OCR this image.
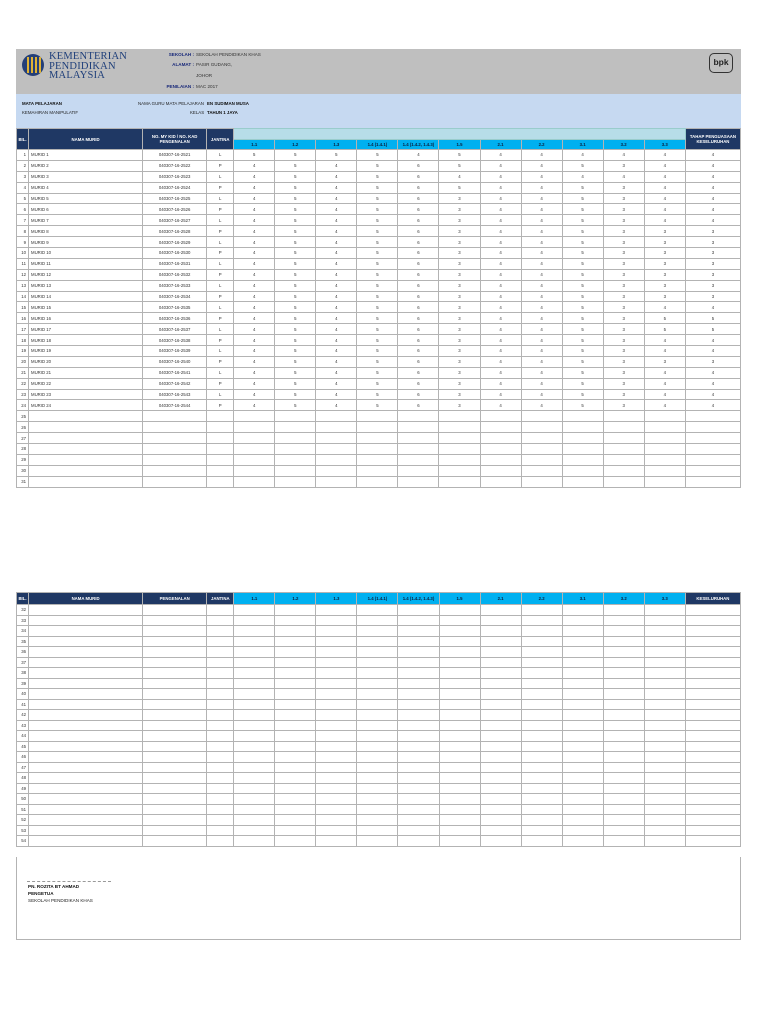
KEMENTERIAN
PENDIDIKAN
MALAYSIA
SEKOLAH : SEKOLAH PENDIDIKAN KHAS
ALAMAT : PASIR GUDANG,
JOHOR
PENILAIAN : MAC 2017
bpk
MATA PELAJARAN
KEMAHIRAN MANIPULATIF
NAMA GURU MATA PELAJARAN EN SUDIMAN MUSA
KELAS TAHUN 1 JAYA
BIL.	NAMA MURID	NO. MY KID / NO. KAD PENGENALAN	JANTINA												TAHAP PENGUASAAN KESELURUHAN
				1.1	1.2	1.3	1.4 (1.4.1)	1.4 (1.4.2, 1.4.3)	1.5	2.1	2.2	3.1	3.2	3.3	
1	MURID 1	040307-16-2521	L	5	5	5	5	4	5	4	4	4	4	4	4
2	MURID 2	040307-16-2522	P	4	5	4	5	6	5	4	4	5	3	4	4
3	MURID 3	040307-16-2523	L	4	5	4	5	6	4	4	4	4	4	4	4
4	MURID 4	040307-16-2524	P	4	5	4	5	6	5	4	4	5	3	4	4
5	MURID 5	040307-16-2525	L	4	5	4	5	6	3	4	4	5	3	4	4
6	MURID 6	040307-16-2526	P	4	5	4	5	6	3	4	4	5	3	4	4
7	MURID 7	040307-16-2527	L	4	5	4	5	6	3	4	4	5	3	4	4
8	MURID 8	040307-16-2528	P	4	5	4	5	6	3	4	4	5	3	3	3
9	MURID 9	040307-16-2529	L	4	5	4	5	6	3	4	4	5	3	3	3
10	MURID 10	040307-16-2530	P	4	5	4	5	6	3	4	4	5	3	3	3
11	MURID 11	040307-16-2531	L	4	5	4	5	6	3	4	4	5	3	3	3
12	MURID 12	040307-16-2532	P	4	5	4	5	6	3	4	4	5	3	3	3
13	MURID 13	040307-16-2533	L	4	5	4	5	6	3	4	4	5	3	3	3
14	MURID 14	040307-16-2534	P	4	5	4	5	6	3	4	4	5	3	3	3
15	MURID 15	040307-16-2535	L	4	5	4	5	6	3	4	4	5	3	4	4
16	MURID 16	040307-16-2536	P	4	5	4	5	6	3	4	4	5	3	5	5
17	MURID 17	040307-16-2537	L	4	5	4	5	6	3	4	4	5	3	5	5
18	MURID 18	040307-16-2538	P	4	5	4	5	6	3	4	4	5	3	4	4
19	MURID 19	040307-16-2539	L	4	5	4	5	6	3	4	4	5	3	4	4
20	MURID 20	040307-16-2540	P	4	5	4	5	6	3	4	4	5	3	3	3
21	MURID 21	040307-16-2541	L	4	5	4	5	6	3	4	4	5	3	4	4
22	MURID 22	040307-16-2542	P	4	5	4	5	6	3	4	4	5	3	4	4
23	MURID 23	040307-16-2543	L	4	5	4	5	6	3	4	4	5	3	4	4
24	MURID 24	040307-16-2544	P	4	5	4	5	6	3	4	4	5	3	4	4
25															
26															
27															
28															
29															
30															
31															
BIL.	NAMA MURID	PENGENALAN	JANTINA	1.1	1.2	1.3	1.4 (1.4.1)	1.4 (1.4.2, 1.4.3)	1.5	2.1	2.2	3.1	3.2	3.3	KESELURUHAN
32															
33															
34															
35															
36															
37															
38															
39															
40															
41															
42															
43															
44															
45															
46															
47															
48															
49															
50															
51															
52															
53															
54															
PN. ROZITA BT AHMAD
PENGETUA
SEKOLAH PENDIDIKAN KHAS
